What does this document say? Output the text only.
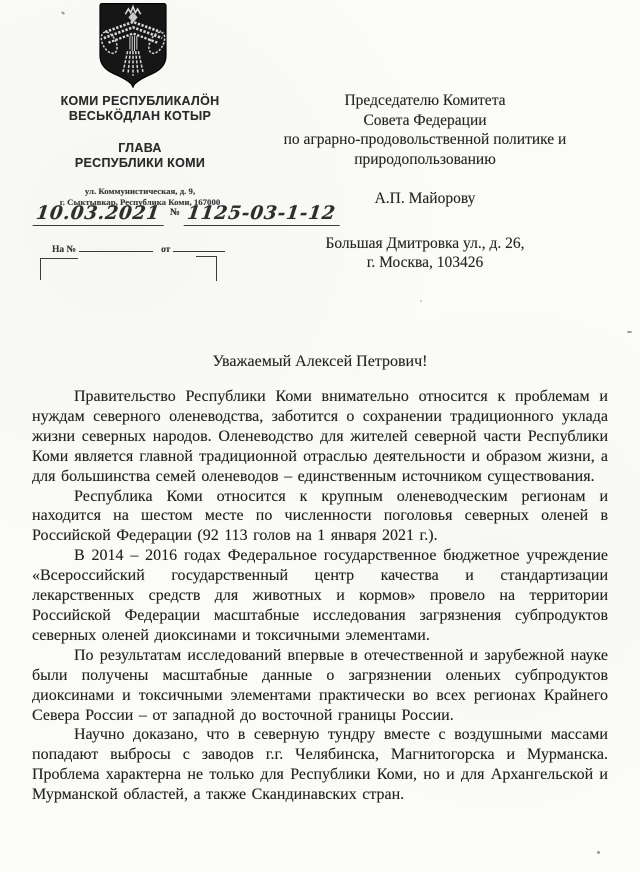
КОМИ РЕСПУБЛИКАЛӦН
ВЕСЬКӦДЛАН КОТЫР
ГЛАВА
РЕСПУБЛИКИ КОМИ
ул. Коммунистическая, д. 9,
г. Сыктывкар, Республика Коми, 167000
10.03.2021 № 1125-03-1-12
На №	от
Председателю Комитета
Совета Федерации
по аграрно-продовольственной политике и
природопользованию
А.П. Майорову
Большая Дмитровка ул., д. 26,
г. Москва, 103426
Уважаемый Алексей Петрович!

Правительство Республики Коми внимательно относится к проблемам и нуждам северного оленеводства, заботится о сохранении традиционного уклада жизни северных народов. Оленеводство для жителей северной части Республики Коми является главной традиционной отраслью деятельности и образом жизни, а для большинства семей оленеводов – единственным источником существования.

Республика Коми относится к крупным оленеводческим регионам и находится на шестом месте по численности поголовья северных оленей в Российской Федерации (92 113 голов на 1 января 2021 г.).

В 2014 – 2016 годах Федеральное государственное бюджетное учреждение «Всероссийский государственный центр качества и стандартизации лекарственных средств для животных и кормов» провело на территории Российской Федерации масштабные исследования загрязнения субпродуктов северных оленей диоксинами и токсичными элементами.

По результатам исследований впервые в отечественной и зарубежной науке были получены масштабные данные о загрязнении оленьих субпродуктов диоксинами и токсичными элементами практически во всех регионах Крайнего Севера России – от западной до восточной границы России.

Научно доказано, что в северную тундру вместе с воздушными массами попадают выбросы с заводов г.г. Челябинска, Магнитогорска и Мурманска. Проблема характерна не только для Республики Коми, но и для Архангельской и Мурманской областей, а также Скандинавских стран.
